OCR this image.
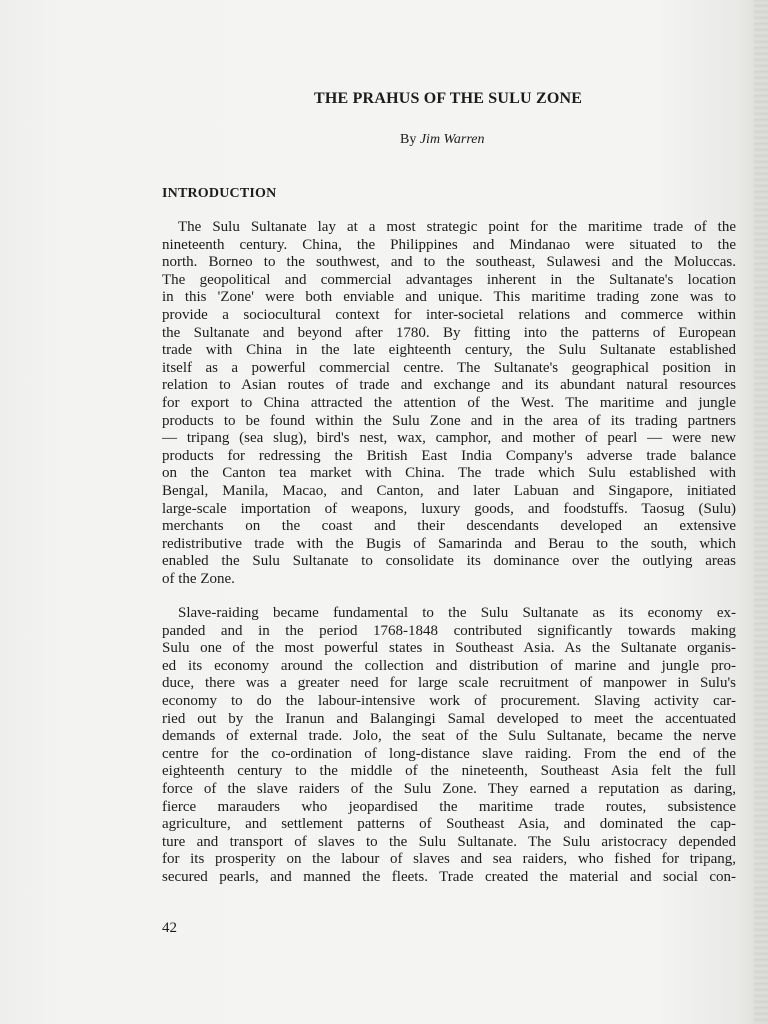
THE PRAHUS OF THE SULU ZONE
By Jim Warren
INTRODUCTION
The Sulu Sultanate lay at a most strategic point for the maritime trade of the
nineteenth century. China, the Philippines and Mindanao were situated to the
north. Borneo to the southwest, and to the southeast, Sulawesi and the Moluccas.
The geopolitical and commercial advantages inherent in the Sultanate's location
in this 'Zone' were both enviable and unique. This maritime trading zone was to
provide a sociocultural context for inter-societal relations and commerce within
the Sultanate and beyond after 1780. By fitting into the patterns of European
trade with China in the late eighteenth century, the Sulu Sultanate established
itself as a powerful commercial centre. The Sultanate's geographical position in
relation to Asian routes of trade and exchange and its abundant natural resources
for export to China attracted the attention of the West. The maritime and jungle
products to be found within the Sulu Zone and in the area of its trading partners
— tripang (sea slug), bird's nest, wax, camphor, and mother of pearl — were new
products for redressing the British East India Company's adverse trade balance
on the Canton tea market with China. The trade which Sulu established with
Bengal, Manila, Macao, and Canton, and later Labuan and Singapore, initiated
large-scale importation of weapons, luxury goods, and foodstuffs. Taosug (Sulu)
merchants on the coast and their descendants developed an extensive
redistributive trade with the Bugis of Samarinda and Berau to the south, which
enabled the Sulu Sultanate to consolidate its dominance over the outlying areas
of the Zone.
Slave-raiding became fundamental to the Sulu Sultanate as its economy ex-
panded and in the period 1768-1848 contributed significantly towards making
Sulu one of the most powerful states in Southeast Asia. As the Sultanate organis-
ed its economy around the collection and distribution of marine and jungle pro-
duce, there was a greater need for large scale recruitment of manpower in Sulu's
economy to do the labour-intensive work of procurement. Slaving activity car-
ried out by the Iranun and Balangingi Samal developed to meet the accentuated
demands of external trade. Jolo, the seat of the Sulu Sultanate, became the nerve
centre for the co-ordination of long-distance slave raiding. From the end of the
eighteenth century to the middle of the nineteenth, Southeast Asia felt the full
force of the slave raiders of the Sulu Zone. They earned a reputation as daring,
fierce marauders who jeopardised the maritime trade routes, subsistence
agriculture, and settlement patterns of Southeast Asia, and dominated the cap-
ture and transport of slaves to the Sulu Sultanate. The Sulu aristocracy depended
for its prosperity on the labour of slaves and sea raiders, who fished for tripang,
secured pearls, and manned the fleets. Trade created the material and social con-
42
